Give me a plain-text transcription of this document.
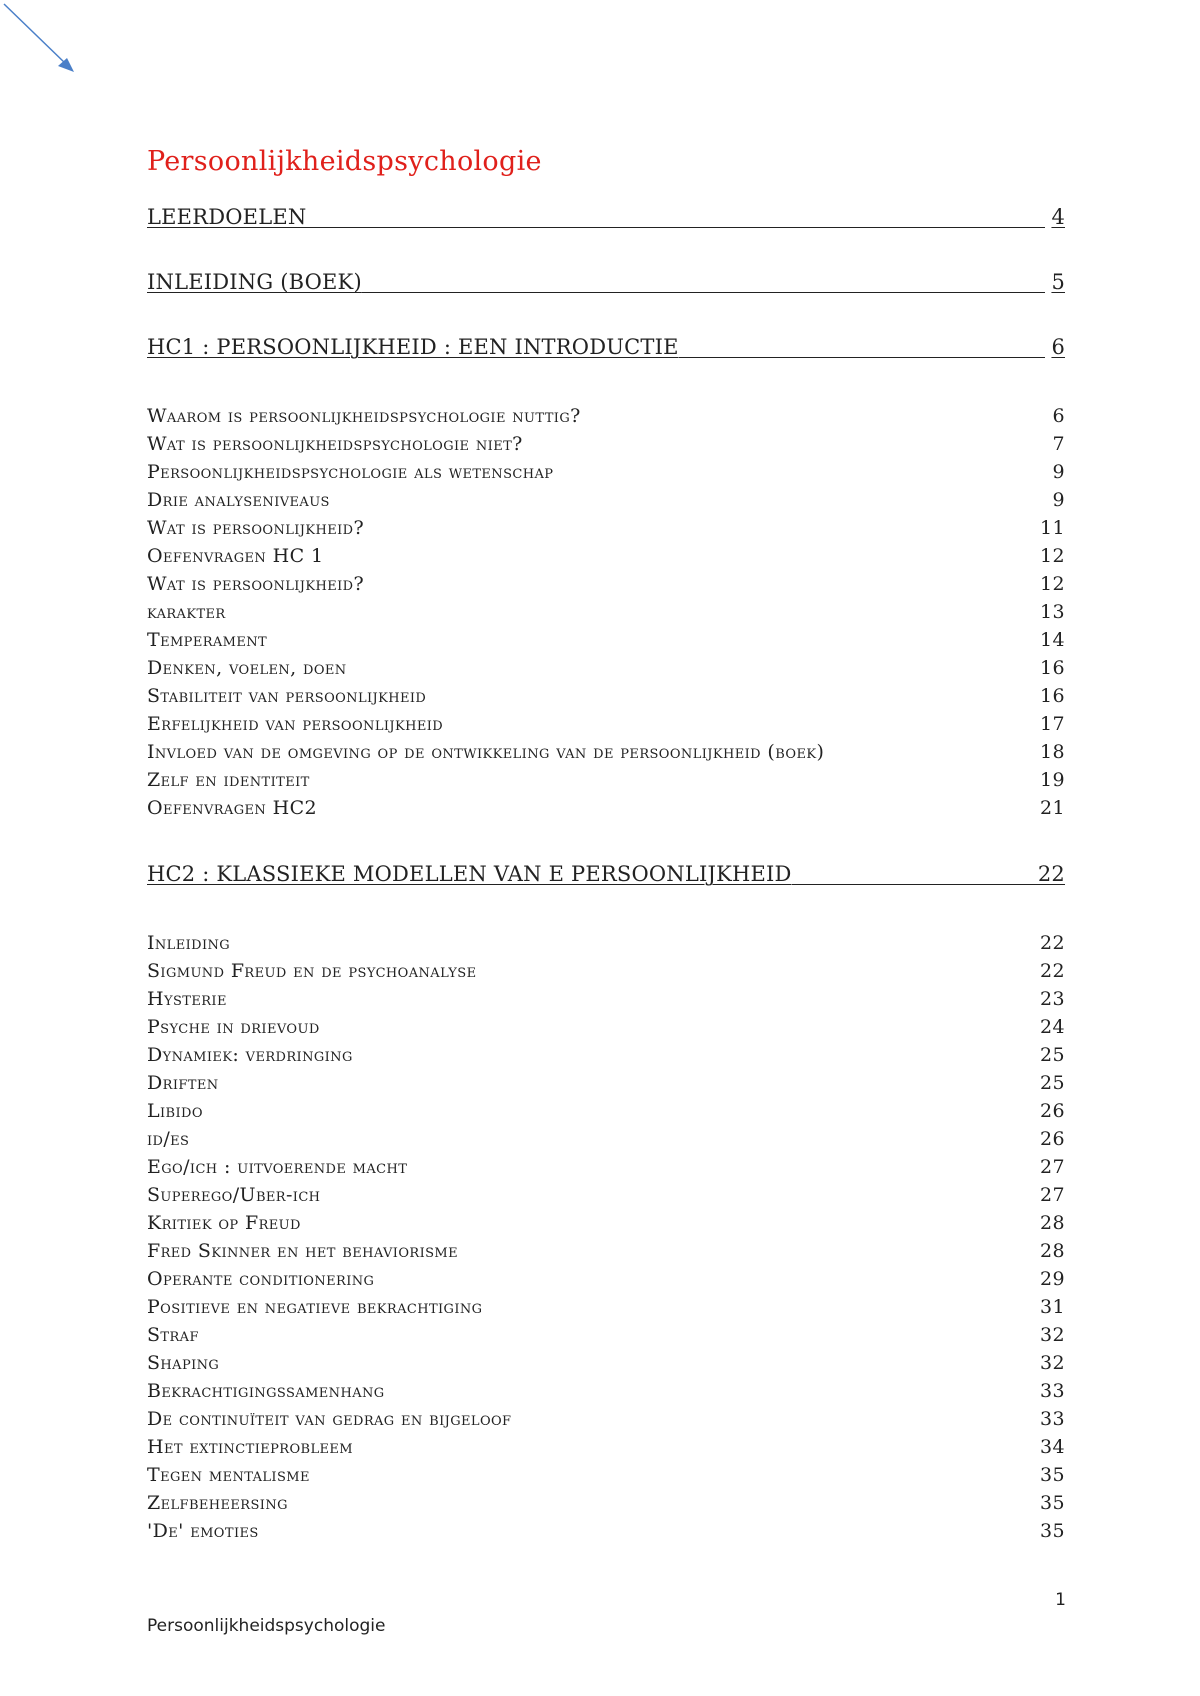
Persoonlijkheidspsychologie
LEERDOELEN	4
INLEIDING (BOEK)	5
HC1 : PERSOONLIJKHEID : EEN INTRODUCTIE	6
Waarom is persoonlijkheidspsychologie nuttig?	6
Wat is persoonlijkheidspsychologie niet?	7
Persoonlijkheidspsychologie als wetenschap	9
Drie analyseniveaus	9
Wat is persoonlijkheid?	11
Oefenvragen HC 1	12
Wat is persoonlijkheid?	12
karakter	13
Temperament	14
Denken, voelen, doen	16
Stabiliteit van persoonlijkheid	16
Erfelijkheid van persoonlijkheid	17
Invloed van de omgeving op de ontwikkeling van de persoonlijkheid (boek)	18
Zelf en identiteit	19
Oefenvragen HC2	21
HC2 : KLASSIEKE MODELLEN VAN E PERSOONLIJKHEID	22
Inleiding	22
Sigmund Freud en de psychoanalyse	22
Hysterie	23
Psyche in drievoud	24
Dynamiek: verdringing	25
Driften	25
Libido	26
id/es	26
Ego/ich : uitvoerende macht	27
Superego/Uber-ich	27
Kritiek op Freud	28
Fred Skinner en het behaviorisme	28
Operante conditionering	29
Positieve en negatieve bekrachtiging	31
Straf	32
Shaping	32
Bekrachtigingssamenhang	33
De continuïteit van gedrag en bijgeloof	33
Het extinctieprobleem	34
Tegen mentalisme	35
Zelfbeheersing	35
'De' emoties	35
1
Persoonlijkheidspsychologie
